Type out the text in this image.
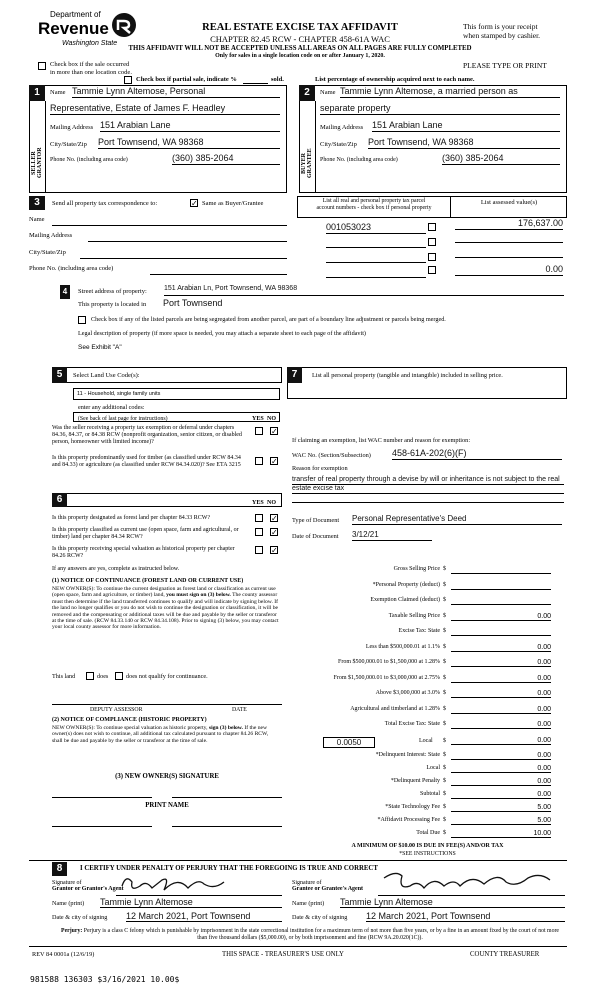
Department of
Revenue
Washington State
REAL ESTATE EXCISE TAX AFFIDAVIT
CHAPTER 82.45 RCW - CHAPTER 458-61A WAC
THIS AFFIDAVIT WILL NOT BE ACCEPTED UNLESS ALL AREAS ON ALL PAGES ARE FULLY COMPLETED
Only for sales in a single location code on or after January 1, 2020.
This form is your receipt
when stamped by cashier.
PLEASE TYPE OR PRINT
Check box if the sale occurred
in more than one location code.
Check box if partial sale, indicate %	sold.	List percentage of ownership acquired next to each name.
1
SELLER GRANTOR
Name Tammie Lynn Altemose, Personal
Representative, Estate of James F. Headley
Mailing Address 151 Arabian Lane
City/State/Zip Port Townsend, WA 98368
Phone No. (including area code)	(360) 385-2064
2
BUYER GRANTEE
Name Tammie Lynn Altemose, a married person as
separate property
Mailing Address 151 Arabian Lane
City/State/Zip Port Townsend, WA 98368
Phone No. (including area code)	(360) 385-2064
3	Send all property tax correspondence to:	✓ Same as Buyer/Grantee	List all real and personal property tax parcel
account numbers - check box if personal property
List assessed value(s)
Name
Mailing Address
City/State/Zip
Phone No. (including area code)
001053023	176,637.00
0.00
4	Street address of property: 151 Arabian Ln, Port Townsend, WA 98368
This property is located in Port Townsend
Check box if any of the listed parcels are being segregated from another parcel, are part of a boundary line adjustment or parcels being merged.
Legal description of property (if more space is needed, you may attach a separate sheet to each page of the affidavit)
See Exhibit "A"
5	Select Land Use Code(s):
11 - Household, single family units
enter any additional codes:
(See back of last page for instructions)	YES NO
Was the seller receiving a property tax exemption or deferral under chapters 84.36, 84.37, or 84.38 RCW (nonprofit organization, senior citizen, or disabled person, homeowner with limited income)?
✓
Is this property predominantly used for timber (as classified under RCW 84.34 and 84.33) or agriculture (as classified under RCW 84.34.020)? See ETA 3215	✓
6	YES NO
Is this property designated as forest land per chapter 84.33 RCW?	✓
Is this property classified as current use (open space, farm and agricultural, or timber) land per chapter 84.34 RCW?	✓
Is this property receiving special valuation as historical property per chapter 84.26 RCW?
✓
If any answers are yes, complete as instructed below.
(1) NOTICE OF CONTINUANCE (FOREST LAND OR CURRENT USE)
NEW OWNER(S): To continue the current designation as forest land or classification as current use (open space, farm and agriculture, or timber) land, you must sign on (3) below. The county assessor must then determine if the land transferred continues to qualify and will indicate by signing below. If the land no longer qualifies or you do not wish to continue the designation or classification, it will be removed and the compensating or additional taxes will be due and payable by the seller or transferor at the time of sale. (RCW 84.33.140 or RCW 84.34.108). Prior to signing (3) below, you may contact your local county assessor for more information.
This land	does	does not qualify for continuance.
DEPUTY ASSESSOR	DATE
(2) NOTICE OF COMPLIANCE (HISTORIC PROPERTY)
NEW OWNER(S): To continue special valuation as historic property, sign (3) below. If the new owner(s) does not wish to continue, all additional tax calculated pursuant to chapter 84.26 RCW, shall be due and payable by the seller or transferor at the time of sale.
(3) NEW OWNER(S) SIGNATURE
PRINT NAME
7	List all personal property (tangible and intangible) included in selling price.
If claiming an exemption, list WAC number and reason for exemption:
WAC No. (Section/Subsection) 458-61A-202(6)(F)
Reason for exemption
transfer of real property through a devise by will or inheritance is not subject to the real estate excise tax
Type of Document Personal Representative's Deed
Date of Document 3/12/21
Gross Selling Price $

*Personal Property (deduct) $

Exemption Claimed (deduct) $

Taxable Selling Price $	0.00
Excise Tax: State $

Less than $500,000.01 at 1.1% $	0.00
From $500,000.01 to $1,500,000 at 1.28% $	0.00
From $1,500,000.01 to $3,000,000 at 2.75% $	0.00
Above $3,000,000 at 3.0% $	0.00
Agricultural and timberland at 1.28% $	0.00
Total Excise Tax: State $	0.00
*Delinquent Interest: State $	0.00
Local $	0.00
*Delinquent Penalty $	0.00
Subtotal $	0.00
*State Technology Fee $	5.00
*Affidavit Processing Fee $	5.00
Total Due $	10.00
0.0050	Local $	0.00
A MINIMUM OF $10.00 IS DUE IN FEE(S) AND/OR TAX
*SEE INSTRUCTIONS
8	I CERTIFY UNDER PENALTY OF PERJURY THAT THE FOREGOING IS TRUE AND CORRECT
Signature of
Grantor or Grantor's Agent
Name (print) Tammie Lynn Altemose
Date & city of signing 12 March 2021, Port Townsend
Signature of
Grantee or Grantee's Agent
Name (print) Tammie Lynn Altemose
Date & city of signing 12 March 2021, Port Townsend
Perjury: Perjury is a class C felony which is punishable by imprisonment in the state correctional institution for a maximum term of not more than five years, or by a fine in an amount fixed by the court of not more than five thousand dollars ($5,000.00), or by both imprisonment and fine (RCW 9A.20.020(1C)).
REV 84 0001a (12/6/19)	THIS SPACE - TREASURER'S USE ONLY	COUNTY TREASURER
981588 136303 $3/16/2021 10.00$
